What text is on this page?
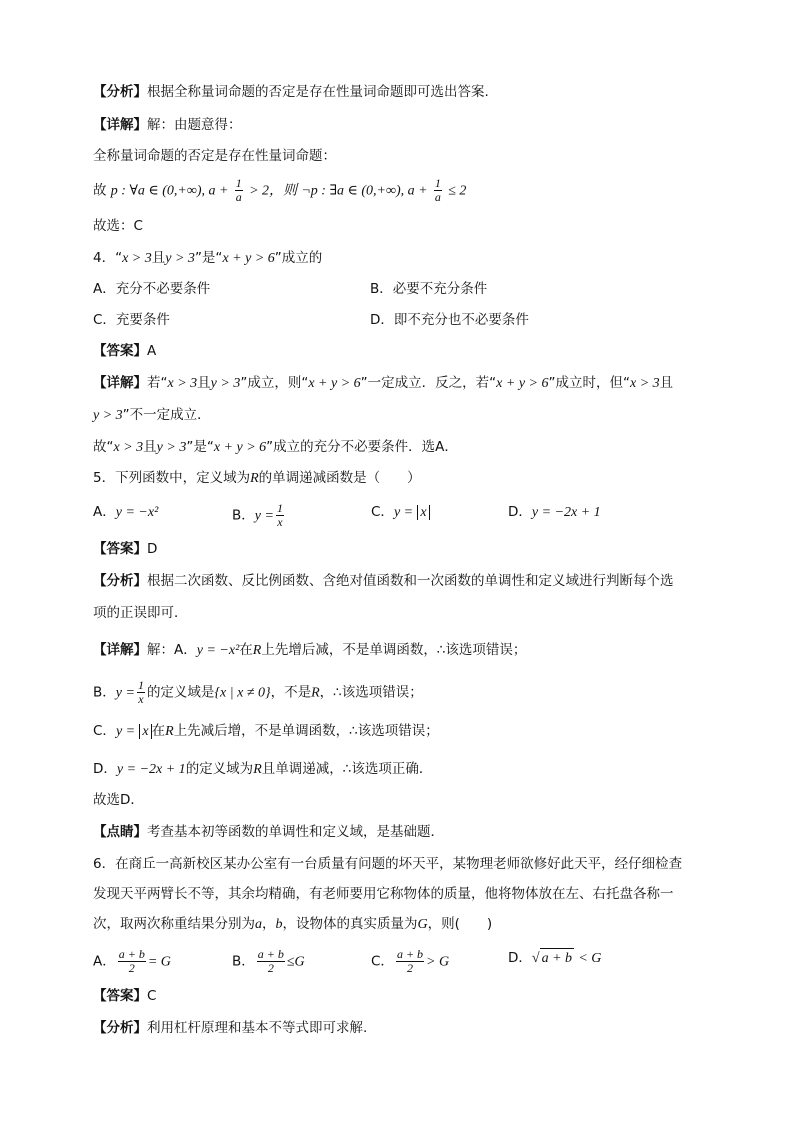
【分析】根据全称量词命题的否定是存在性量词命题即可选出答案.
【详解】解：由题意得：
全称量词命题的否定是存在性量词命题：
故 p : ∀a ∈ (0,+∞), $a + \frac{1}{a} > 2$，则 ¬p : ∃a ∈ (0,+∞), $a + \frac{1}{a} \le 2$
故选：C
4．“x > 3且y > 3”是“x + y > 6”成立的
A．充分不必要条件	B．必要不充分条件
C．充要条件	D．即不充分也不必要条件
【答案】A
【详解】若“x > 3且y > 3”成立，则“x + y > 6”一定成立．反之，若“x + y > 6”成立时，但“x > 3且
y > 3”不一定成立．
故“x > 3且y > 3”是“x + y > 6”成立的充分不必要条件．选A．
5．下列函数中，定义域为R的单调递减函数是（　　）
A．y = −x²	B．$y = \frac{1}{x}$	C．y = x	D．y = −2x + 1
【答案】D
【分析】根据二次函数、反比例函数、含绝对值函数和一次函数的单调性和定义域进行判断每个选
项的正误即可．
【详解】解：A．y = −x²在R上先增后减，不是单调函数，∴该选项错误；
B．$y = \frac{1}{x}$ 的定义域是{x | x ≠ 0}，不是R，∴该选项错误；
C．y = x 在R上先减后增，不是单调函数，∴该选项错误；
D．y = −2x + 1的定义域为R且单调递减，∴该选项正确．
故选D．
【点睛】考查基本初等函数的单调性和定义域，是基础题．
6．在商丘一高新校区某办公室有一台质量有问题的坏天平，某物理老师欲修好此天平，经仔细检查
发现天平两臂长不等，其余均精确，有老师要用它称物体的质量，他将物体放在左、右托盘各称一
次，取两次称重结果分别为a，b，设物体的真实质量为G，则(　　)
A． $\frac{a + b}{2} = G$	B． $\frac{a + b}{2} \le G$	C． $\frac{a + b}{2} > G$	D．√ a + b < G
【答案】C
【分析】利用杠杆原理和基本不等式即可求解.
